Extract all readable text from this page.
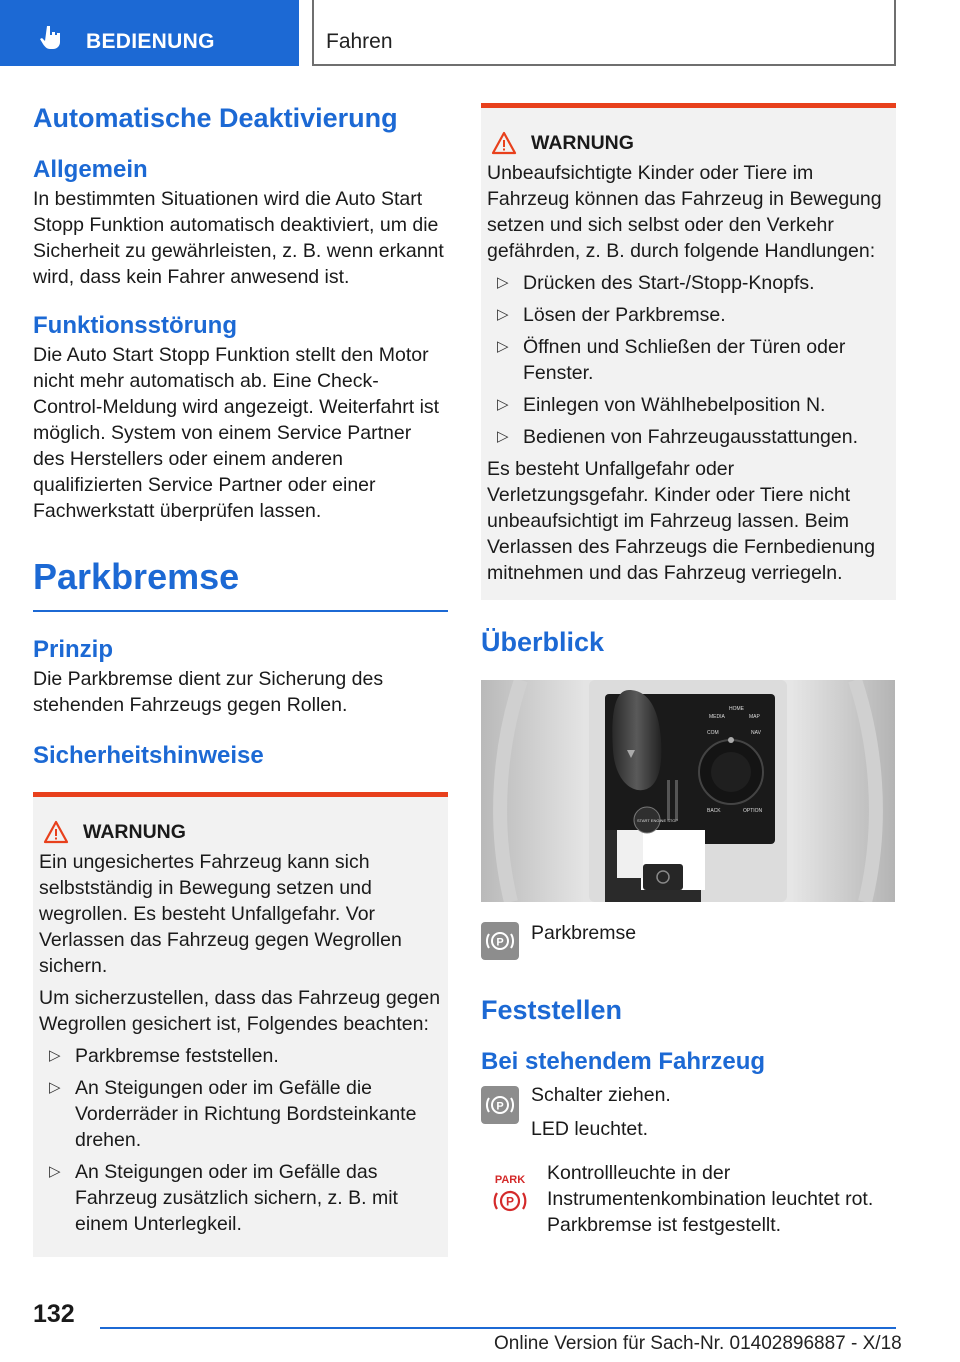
BEDIENUNG	Fahren
Automatische Deaktivierung
Allgemein

In bestimmten Situationen wird die Auto Start Stopp Funktion automatisch deaktiviert, um die Sicherheit zu gewährleisten, z. B. wenn erkannt wird, dass kein Fahrer anwesend ist.

Funktionsstörung

Die Auto Start Stopp Funktion stellt den Motor nicht mehr automatisch ab. Eine Check-Control-Meldung wird angezeigt. Weiterfahrt ist möglich. System von einem Service Partner des Herstellers oder einem anderen qualifizierten Service Partner oder einer Fachwerkstatt überprüfen lassen.

Parkbremse
Prinzip

Die Parkbremse dient zur Sicherung des stehenden Fahrzeugs gegen Rollen.

Sicherheitshinweise
WARNUNG

Ein ungesichertes Fahrzeug kann sich selbstständig in Bewegung setzen und wegrollen. Es besteht Unfallgefahr. Vor Verlassen das Fahrzeug gegen Wegrollen sichern.

Um sicherzustellen, dass das Fahrzeug gegen Wegrollen gesichert ist, Folgendes beachten:

▷ Parkbremse feststellen.
▷ An Steigungen oder im Gefälle die Vorderräder in Richtung Bordsteinkante drehen.
▷ An Steigungen oder im Gefälle das Fahrzeug zusätzlich sichern, z. B. mit einem Unterlegkeil.
WARNUNG

Unbeaufsichtigte Kinder oder Tiere im Fahrzeug können das Fahrzeug in Bewegung setzen und sich selbst oder den Verkehr gefährden, z. B. durch folgende Handlungen:

▷ Drücken des Start-/Stopp-Knopfs.
▷ Lösen der Parkbremse.
▷ Öffnen und Schließen der Türen oder Fenster.
▷ Einlegen von Wählhebelposition N.
▷ Bedienen von Fahrzeugausstattungen.

Es besteht Unfallgefahr oder Verletzungsgefahr. Kinder oder Tiere nicht unbeaufsichtigt im Fahrzeug lassen. Beim Verlassen des Fahrzeugs die Fernbedienung mitnehmen und das Fahrzeug verriegeln.

Überblick
MEDIA
HOME
MAP
COM	NAV
BACK	OPTION
START ENGINE STOP
P Parkbremse

Feststellen
Bei stehendem Fahrzeug
P

Schalter ziehen.

LED leuchtet.

PARK
P

Kontrollleuchte in der Instrumentenkombination leuchtet rot. Parkbremse ist festgestellt.

132
Online Version für Sach-Nr. 01402896887 - X/18
